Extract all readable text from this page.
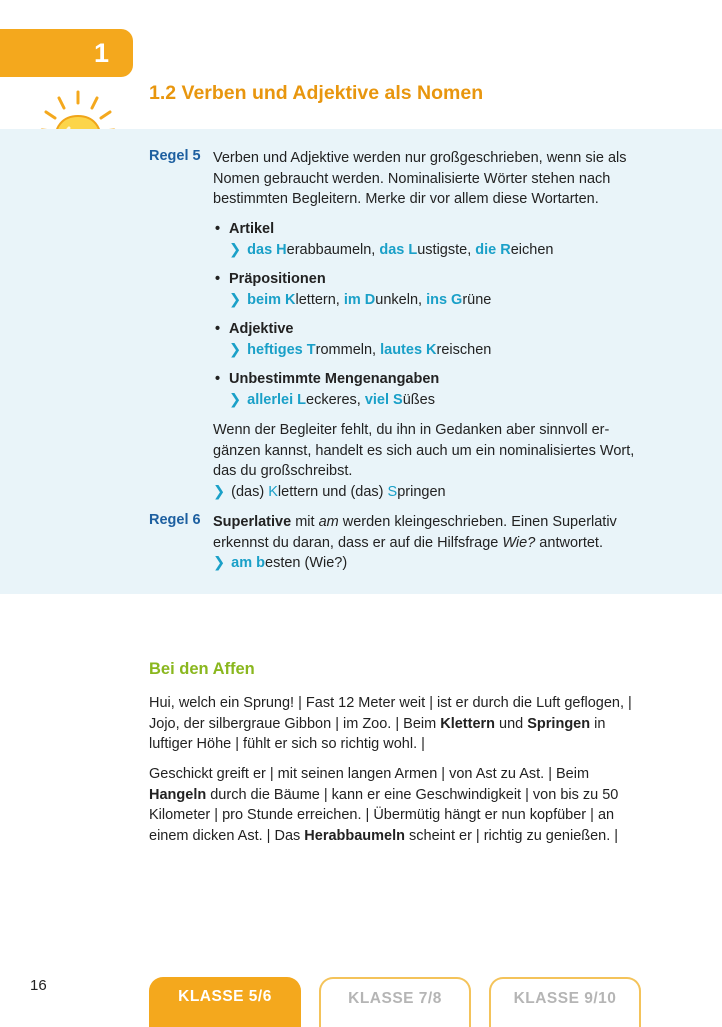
1
1.2 Verben und Adjektive als Nomen
Regel 5 Verben und Adjektive werden nur großgeschrieben, wenn sie als Nomen gebraucht werden. Nominalisierte Wörter stehen nach bestimmten Begleitern. Merke dir vor allem diese Wortarten.
• Artikel
❯ das Herabbaumeln, das Lustigste, die Reichen
• Präpositionen
❯ beim Klettern, im Dunkeln, ins Grüne
• Adjektive
❯ heftiges Trommeln, lautes Kreischen
• Unbestimmte Mengenangaben
❯ allerlei Leckeres, viel Süßes
Wenn der Begleiter fehlt, du ihn in Gedanken aber sinnvoll ergänzen kannst, handelt es sich auch um ein nominalisiertes Wort, das du großschreibst.
❯ (das) Klettern und (das) Springen
Regel 6 Superlative mit am werden kleingeschrieben. Einen Superlativ erkennst du daran, dass er auf die Hilfsfrage Wie? antwortet.
❯ am besten (Wie?)
Bei den Affen

Hui, welch ein Sprung! | Fast 12 Meter weit | ist er durch die Luft geflogen, | Jojo, der silbergraue Gibbon | im Zoo. | Beim Klettern und Springen in luftiger Höhe | fühlt er sich so richtig wohl. |

Geschickt greift er | mit seinen langen Armen | von Ast zu Ast. | Beim Hangeln durch die Bäume | kann er eine Geschwindigkeit | von bis zu 50 Kilometer | pro Stunde erreichen. | Übermütig hängt er nun kopfüber | an einem dicken Ast. | Das Herabbaumeln scheint er | richtig zu genießen. |

16
KLASSE 5/6	KLASSE 7/8	KLASSE 9/10
